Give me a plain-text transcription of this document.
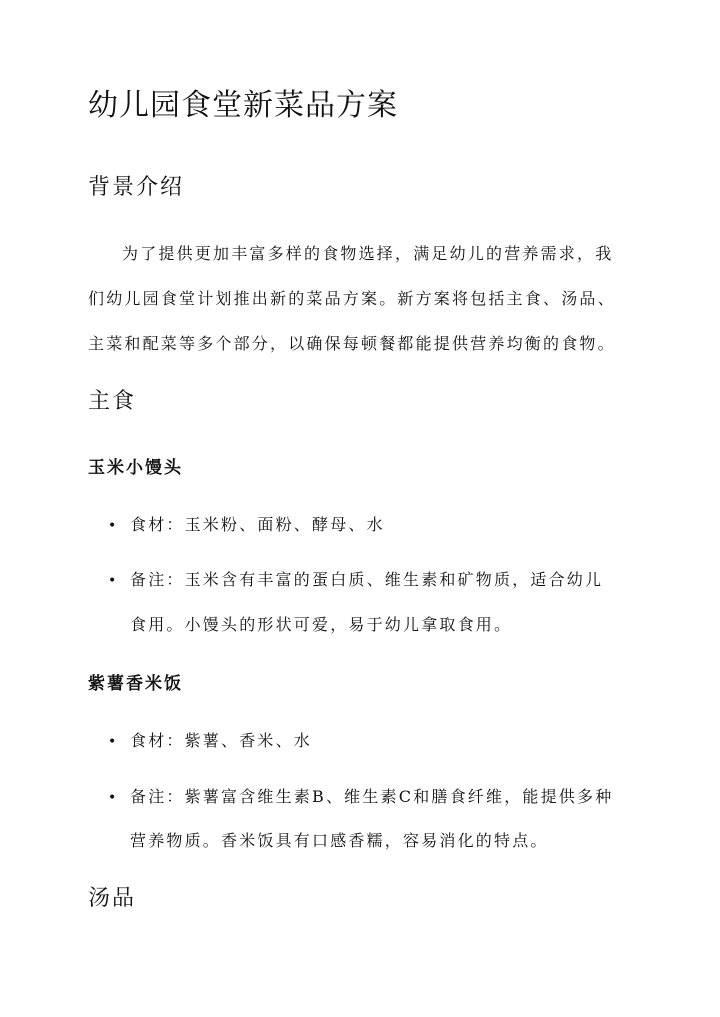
幼儿园食堂新菜品方案
背景介绍

为了提供更加丰富多样的食物选择，满足幼儿的营养需求，我

们幼儿园食堂计划推出新的菜品方案。新方案将包括主食、汤品、

主菜和配菜等多个部分，以确保每顿餐都能提供营养均衡的食物。

主食
玉米小馒头
• 食材：玉米粉、面粉、酵母、水

• 备注：玉米含有丰富的蛋白质、维生素和矿物质，适合幼儿

食用。小馒头的形状可爱，易于幼儿拿取食用。

紫薯香米饭
• 食材：紫薯、香米、水

• 备注：紫薯富含维生素B、维生素C和膳食纤维，能提供多种

营养物质。香米饭具有口感香糯，容易消化的特点。

汤品
